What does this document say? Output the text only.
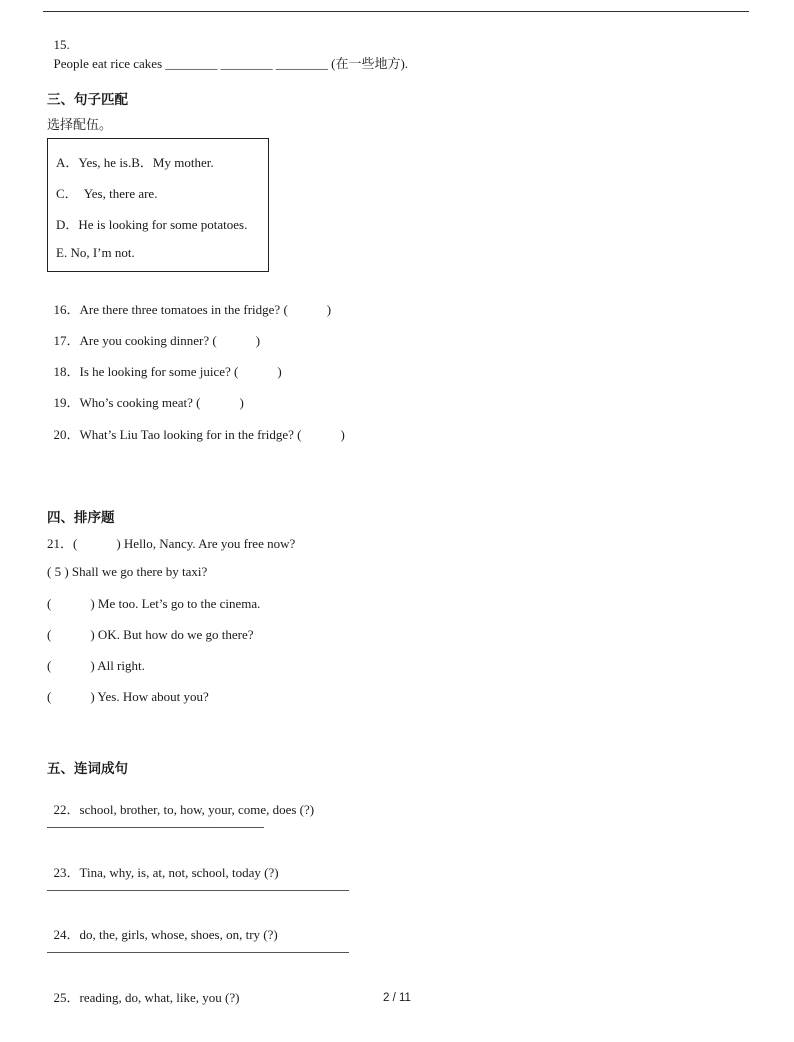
15.
People eat rice cakes ________ ________ ________ (在一些地方).

三、句子匹配
选择配伍。
A．Yes, he is.B．My mother.
C．  Yes, there are.
D．He is looking for some potatoes.
E. No, I’m not.

16．Are there three tomatoes in the fridge? (            )

17．Are you cooking dinner? (            )

18．Is he looking for some juice? (            )

19．Who’s cooking meat? (            )

20．What’s Liu Tao looking for in the fridge? (            )

四、排序题
21．(            ) Hello, Nancy. Are you free now?
( 5 ) Shall we go there by taxi?
(            ) Me too. Let’s go to the cinema.
(            ) OK. But how do we go there?
(            ) All right.
(            ) Yes. How about you?
五、连词成句

22．school, brother, to, how, your, come, does (?)

23．Tina, why, is, at, not, school, today (?)

24．do, the, girls, whose, shoes, on, try (?)

25．reading, do, what, like, you (?)	2 / 11
